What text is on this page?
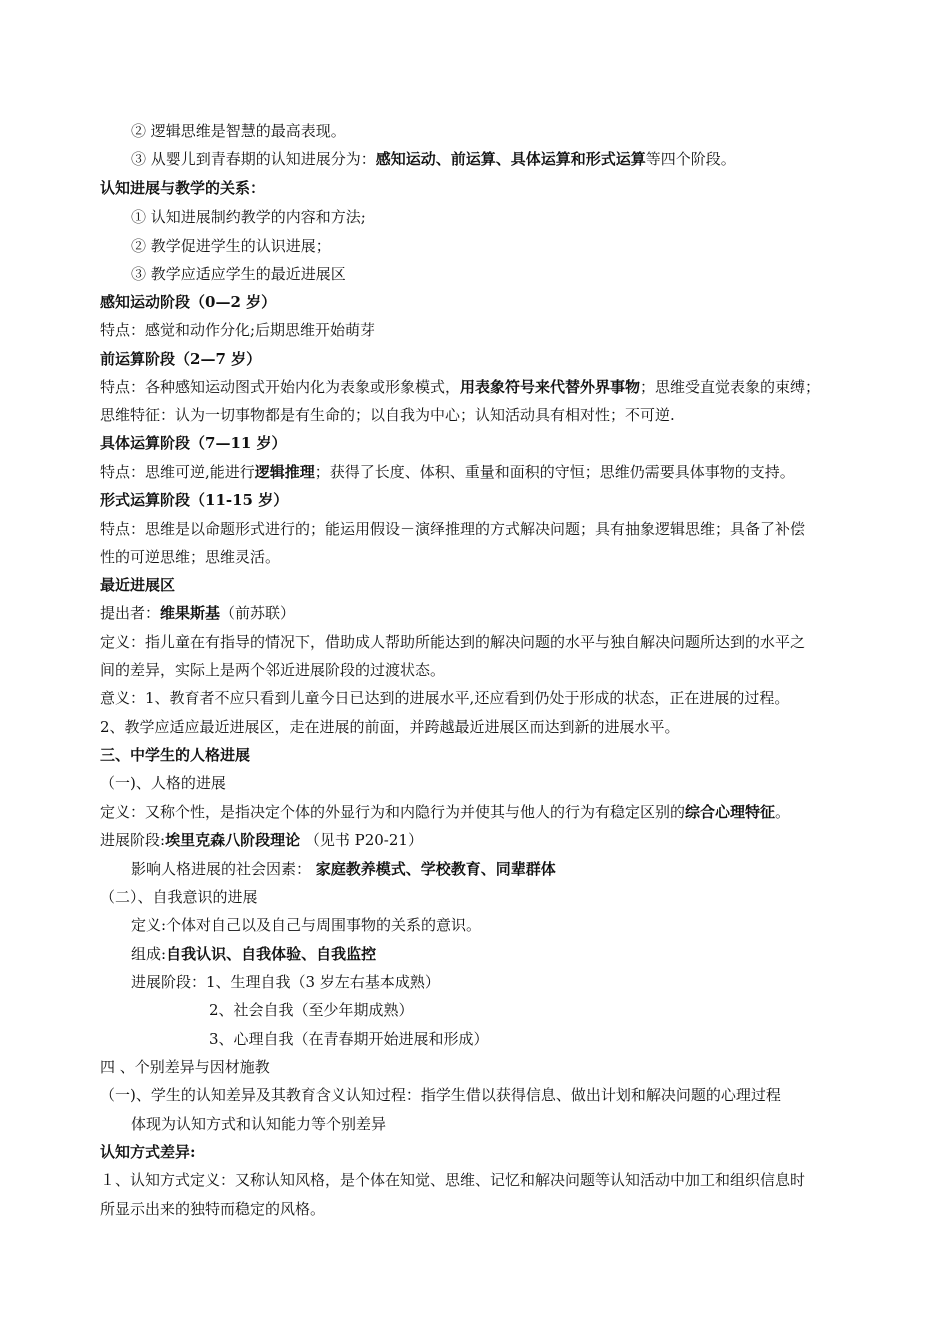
② 逻辑思维是智慧的最高表现。
③ 从婴儿到青春期的认知进展分为：感知运动、前运算、具体运算和形式运算等四个阶段。
认知进展与教学的关系：
① 认知进展制约教学的内容和方法;
② 教学促进学生的认识进展；
③ 教学应适应学生的最近进展区
感知运动阶段（0—2 岁）
特点：感觉和动作分化;后期思维开始萌芽
前运算阶段（2—7 岁）
特点：各种感知运动图式开始内化为表象或形象模式，用表象符号来代替外界事物；思维受直觉表象的束缚；
思维特征：认为一切事物都是有生命的；以自我为中心；认知活动具有相对性；不可逆.
具体运算阶段（7—11 岁）
特点：思维可逆,能进行逻辑推理；获得了长度、体积、重量和面积的守恒；思维仍需要具体事物的支持。
形式运算阶段（11-15 岁）
特点：思维是以命题形式进行的；能运用假设－演绎推理的方式解决问题；具有抽象逻辑思维；具备了补偿
性的可逆思维；思维灵活。
最近进展区
提出者：维果斯基（前苏联）
定义：指儿童在有指导的情况下，借助成人帮助所能达到的解决问题的水平与独自解决问题所达到的水平之
间的差异，实际上是两个邻近进展阶段的过渡状态。
意义：1、教育者不应只看到儿童今日已达到的进展水平,还应看到仍处于形成的状态，正在进展的过程。
2、教学应适应最近进展区，走在进展的前面，并跨越最近进展区而达到新的进展水平。
三、中学生的人格进展
（一)、人格的进展
定义：又称个性，是指决定个体的外显行为和内隐行为并使其与他人的行为有稳定区别的综合心理特征。
进展阶段:埃里克森八阶段理论 （见书 P20-21）
影响人格进展的社会因素： 家庭教养模式、学校教育、同辈群体
（二）、自我意识的进展
定义:个体对自己以及自己与周围事物的关系的意识。
组成:自我认识、自我体验、自我监控
进展阶段：1、生理自我（3 岁左右基本成熟）
2、社会自我（至少年期成熟）
3、心理自我（在青春期开始进展和形成）
四 、个别差异与因材施教
（一)、学生的认知差异及其教育含义认知过程：指学生借以获得信息、做出计划和解决问题的心理过程
体现为认知方式和认知能力等个别差异
认知方式差异:
１、认知方式定义：又称认知风格，是个体在知觉、思维、记忆和解决问题等认知活动中加工和组织信息时
所显示出来的独特而稳定的风格。
